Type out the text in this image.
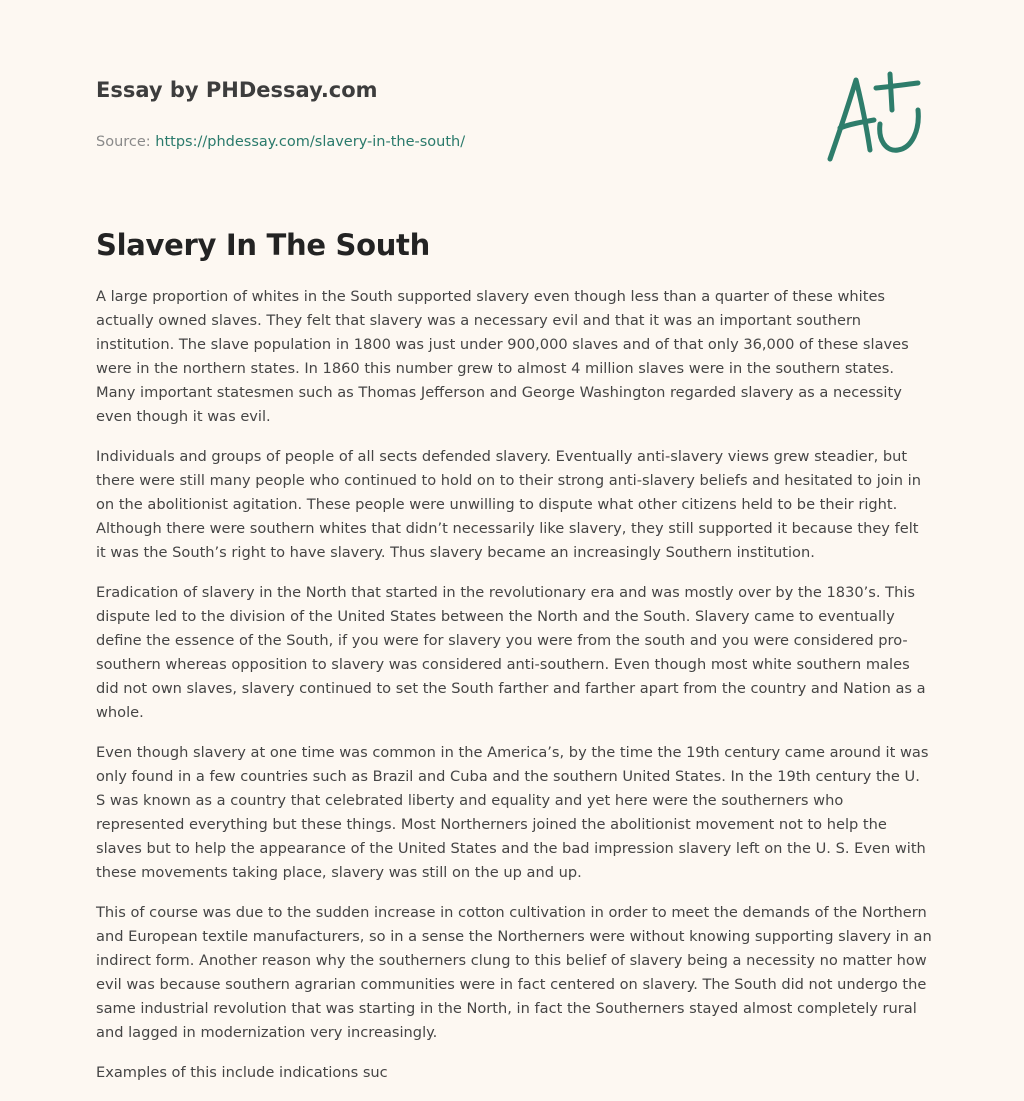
Essay by PHDessay.com
Source: https://phdessay.com/slavery-in-the-south/
Slavery In The South

A large proportion of whites in the South supported slavery even though less than a quarter of these whites actually owned slaves. They felt that slavery was a necessary evil and that it was an important southern institution. The slave population in 1800 was just under 900,000 slaves and of that only 36,000 of these slaves were in the northern states. In 1860 this number grew to almost 4 million slaves were in the southern states. Many important statesmen such as Thomas Jefferson and George Washington regarded slavery as a necessity even though it was evil.

Individuals and groups of people of all sects defended slavery. Eventually anti-slavery views grew steadier, but there were still many people who continued to hold on to their strong anti-slavery beliefs and hesitated to join in on the abolitionist agitation. These people were unwilling to dispute what other citizens held to be their right. Although there were southern whites that didn’t necessarily like slavery, they still supported it because they felt it was the South’s right to have slavery. Thus slavery became an increasingly Southern institution.

Eradication of slavery in the North that started in the revolutionary era and was mostly over by the 1830’s. This dispute led to the division of the United States between the North and the South. Slavery came to eventually define the essence of the South, if you were for slavery you were from the south and you were considered pro-southern whereas opposition to slavery was considered anti-southern. Even though most white southern males did not own slaves, slavery continued to set the South farther and farther apart from the country and Nation as a whole.

Even though slavery at one time was common in the America’s, by the time the 19th century came around it was only found in a few countries such as Brazil and Cuba and the southern United States. In the 19th century the U. S was known as a country that celebrated liberty and equality and yet here were the southerners who represented everything but these things. Most Northerners joined the abolitionist movement not to help the slaves but to help the appearance of the United States and the bad impression slavery left on the U. S. Even with these movements taking place, slavery was still on the up and up.

This of course was due to the sudden increase in cotton cultivation in order to meet the demands of the Northern and European textile manufacturers, so in a sense the Northerners were without knowing supporting slavery in an indirect form. Another reason why the southerners clung to this belief of slavery being a necessity no matter how evil was because southern agrarian communities were in fact centered on slavery. The South did not undergo the same industrial revolution that was starting in the North, in fact the Southerners stayed almost completely rural and lagged in modernization very increasingly.

Examples of this include indications suc
